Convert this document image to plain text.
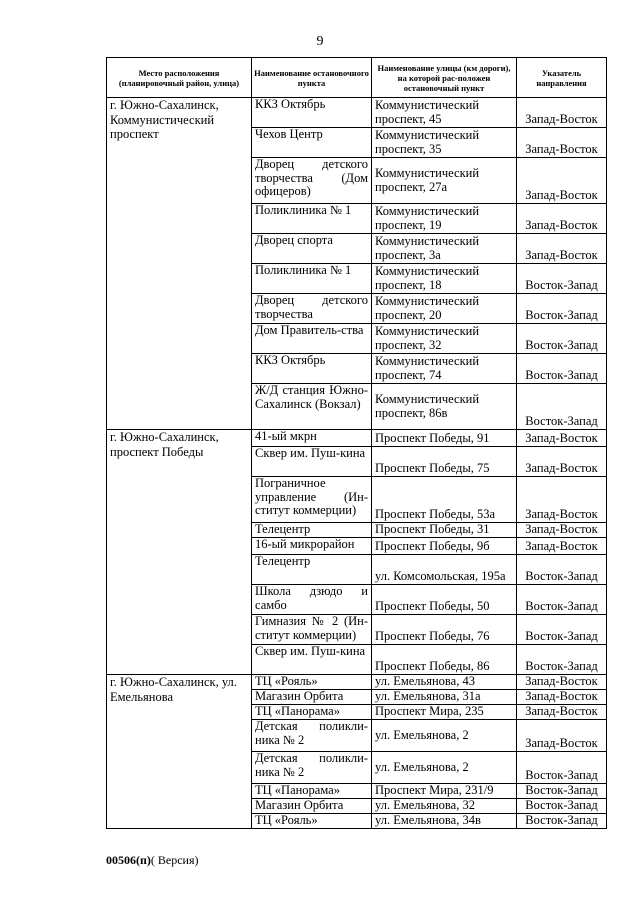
9
Место расположения (планировочный район, улица)	Наименование остановочного пункта	Наименование улицы (км дороги), на которой рас-положен остановочный пункт	Указатель направления
г. Южно-Сахалинск, Коммунистический проспект	ККЗ Октябрь	Коммунистический проспект, 45	Запад-Восток
	Чехов Центр	Коммунистический проспект, 35	Запад-Восток
	Дворец детского творчества (Дом офицеров)	Коммунистический проспект, 27а	Запад-Восток
	Поликлиника № 1	Коммунистический проспект, 19	Запад-Восток
	Дворец спорта	Коммунистический проспект, 3а	Запад-Восток
	Поликлиника № 1	Коммунистический проспект, 18	Восток-Запад
	Дворец детского творчества	Коммунистический проспект, 20	Восток-Запад
	Дом Правитель-ства	Коммунистический проспект, 32	Восток-Запад
	ККЗ Октябрь	Коммунистический проспект, 74	Восток-Запад
	Ж/Д станция Южно-Сахалинск (Вокзал)	Коммунистический проспект, 86в	Восток-Запад
г. Южно-Сахалинск, проспект Победы	41-ый мкрн	Проспект Победы, 91	Запад-Восток
	Сквер им. Пуш-кина	Проспект Победы, 75	Запад-Восток
	Пограничное управление (Ин-ститут коммерции)	Проспект Победы, 53а	Запад-Восток
	Телецентр	Проспект Победы, 31	Запад-Восток
	16-ый микрорайон	Проспект Победы, 9б	Запад-Восток
	Телецентр	ул. Комсомольская, 195а	Восток-Запад
	Школа дзюдо и самбо	Проспект Победы, 50	Восток-Запад
	Гимназия № 2 (Ин-ститут коммерции)	Проспект Победы, 76	Восток-Запад
	Сквер им. Пуш-кина	Проспект Победы, 86	Восток-Запад
г. Южно-Сахалинск, ул. Емельянова	ТЦ «Рояль»	ул. Емельянова, 43	Запад-Восток
	Магазин Орбита	ул. Емельянова, 31а	Запад-Восток
	ТЦ «Панорама»	Проспект Мира, 235	Запад-Восток
	Детская поликли-ника № 2	ул. Емельянова, 2	Запад-Восток
	Детская поликли-ника № 2	ул. Емельянова, 2	Восток-Запад
	ТЦ «Панорама»	Проспект Мира, 231/9	Восток-Запад
	Магазин Орбита	ул. Емельянова, 32	Восток-Запад
	ТЦ «Рояль»	ул. Емельянова, 34в	Восток-Запад
00506(п)( Версия)
